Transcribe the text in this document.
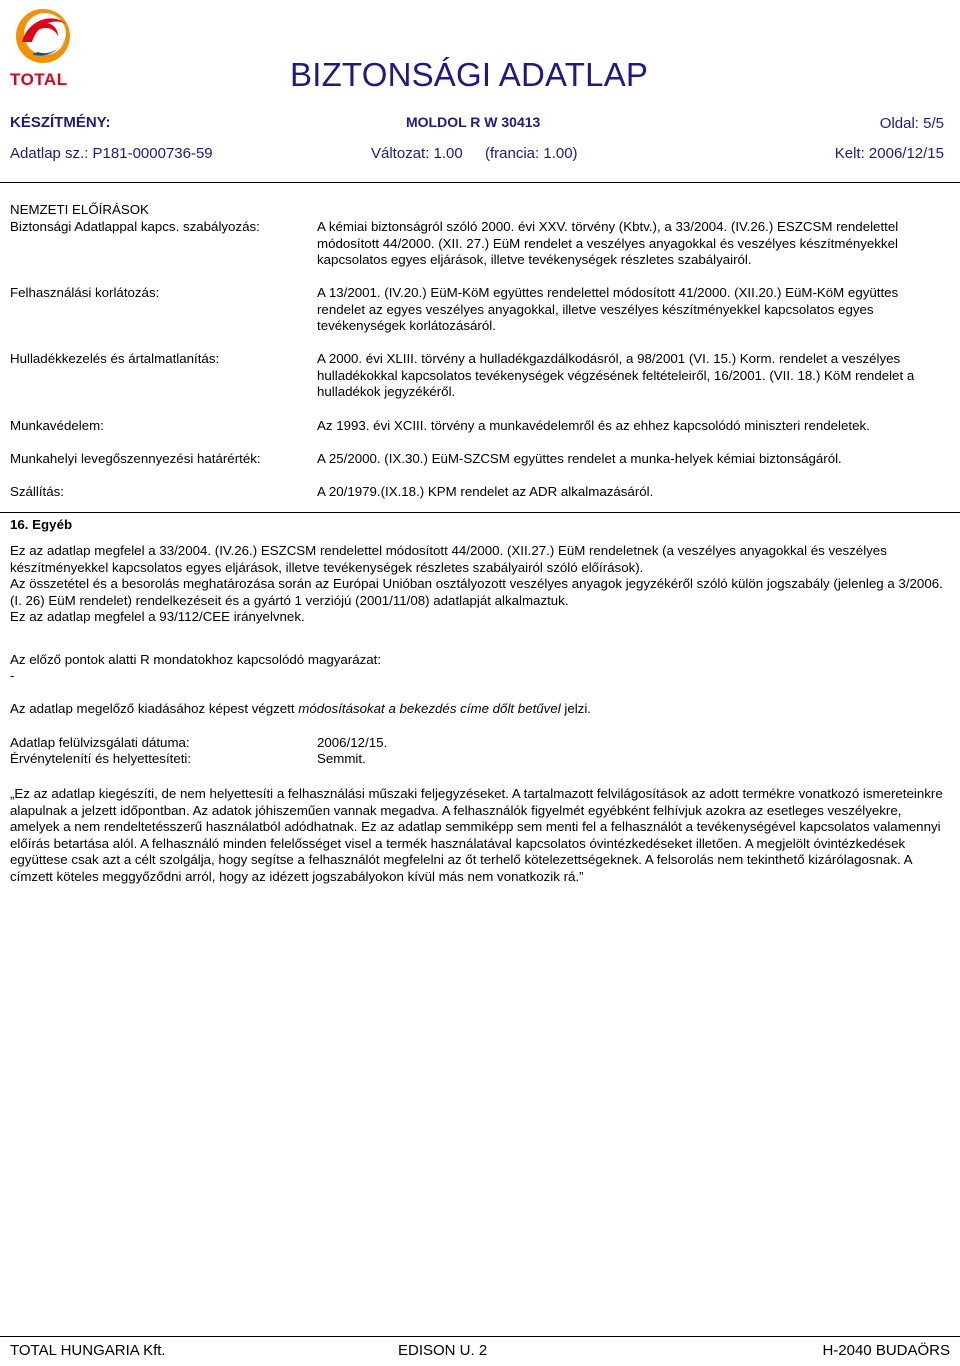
TOTAL	BIZTONSÁGI ADATLAP
KÉSZÍTMÉNY:	MOLDOL R W 30413	Oldal: 5/5
Adatlap sz.: P181-0000736-59	Változat: 1.00 (francia: 1.00)	Kelt: 2006/12/15
NEMZETI ELŐÍRÁSOK
Biztonsági Adatlappal kapcs. szabályozás:	A kémiai biztonságról szóló 2000. évi XXV. törvény (Kbtv.), a 33/2004. (IV.26.) ESZCSM rendelettel módosított 44/2000. (XII. 27.) EüM rendelet a veszélyes anyagokkal és veszélyes készítményekkel kapcsolatos egyes eljárások, illetve tevékenységek részletes szabályairól.
Felhasználási korlátozás:	A 13/2001. (IV.20.) EüM-KöM együttes rendelettel módosított 41/2000. (XII.20.) EüM-KöM együttes rendelet az egyes veszélyes anyagokkal, illetve veszélyes készítményekkel kapcsolatos egyes tevékenységek korlátozásáról.
Hulladékkezelés és ártalmatlanítás:	A 2000. évi XLIII. törvény a hulladékgazdálkodásról, a 98/2001 (VI. 15.) Korm. rendelet a veszélyes hulladékokkal kapcsolatos tevékenységek végzésének feltételeiről, 16/2001. (VII. 18.) KöM rendelet a hulladékok jegyzékéről.
Munkavédelem:	Az 1993. évi XCIII. törvény a munkavédelemről és az ehhez kapcsolódó miniszteri rendeletek.
Munkahelyi levegőszennyezési határérték:	A 25/2000. (IX.30.) EüM-SZCSM együttes rendelet a munka-helyek kémiai biztonságáról.
Szállítás:	A 20/1979.(IX.18.) KPM rendelet az ADR alkalmazásáról.
16. Egyéb
Ez az adatlap megfelel a 33/2004. (IV.26.) ESZCSM rendelettel módosított 44/2000. (XII.27.) EüM rendeletnek (a veszélyes anyagokkal és veszélyes készítményekkel kapcsolatos egyes eljárások, illetve tevékenységek részletes szabályairól szóló előírások).
Az összetétel és a besorolás meghatározása során az Európai Unióban osztályozott veszélyes anyagok jegyzékéről szóló külön jogszabály (jelenleg a 3/2006. (I. 26) EüM rendelet) rendelkezéseit és a gyártó 1 verziójú (2001/11/08) adatlapját alkalmaztuk.
Ez az adatlap megfelel a 93/112/CEE irányelvnek.
Az előző pontok alatti R mondatokhoz kapcsolódó magyarázat:
-
Az adatlap megelőző kiadásához képest végzett módosításokat a bekezdés címe dőlt betűvel jelzi.
Adatlap felülvizsgálati dátuma:	2006/12/15.
Érvénytelenítí és helyettesíteti:	Semmit.
„Ez az adatlap kiegészíti, de nem helyettesíti a felhasználási műszaki feljegyzéseket. A tartalmazott felvilágosítások az adott termékre vonatkozó ismereteinkre alapulnak a jelzett időpontban. Az adatok jóhiszeműen vannak megadva. A felhasználók figyelmét egyébként felhívjuk azokra az esetleges veszélyekre, amelyek a nem rendeltetésszerű használatból adódhatnak. Ez az adatlap semmiképp sem menti fel a felhasználót a tevékenységével kapcsolatos valamennyi előírás betartása alól. A felhasználó minden felelősséget visel a termék használatával kapcsolatos óvintézkedéseket illetően. A megjelölt óvintézkedések együttese csak azt a célt szolgálja, hogy segítse a felhasználót megfelelni az őt terhelő kötelezettségeknek. A felsorolás nem tekinthető kizárólagosnak. A címzett köteles meggyőződni arról, hogy az idézett jogszabályokon kívül más nem vonatkozik rá.”
TOTAL HUNGARIA Kft.	EDISON U. 2	H-2040 BUDAÖRS
